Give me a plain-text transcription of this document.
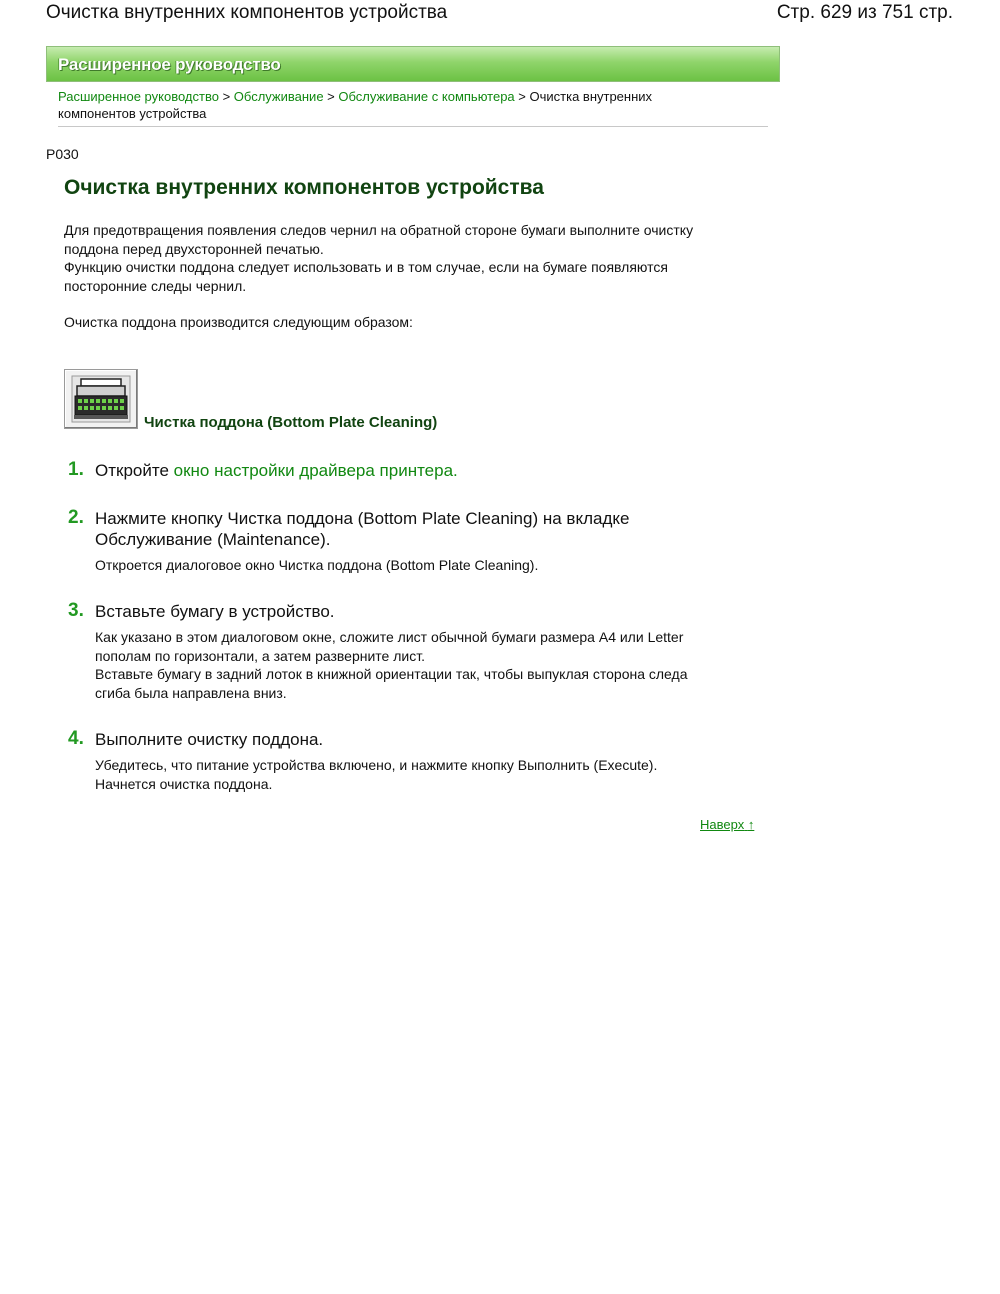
Очистка внутренних компонентов устройства	Стр. 629 из 751 стр.
Расширенное руководство
Расширенное руководство > Обслуживание > Обслуживание с компьютера > Очистка внутренних
компонентов устройства
P030
Очистка внутренних компонентов устройства

Для предотвращения появления следов чернил на обратной стороне бумаги выполните очистку

поддона перед двухсторонней печатью.

Функцию очистки поддона следует использовать и в том случае, если на бумаге появляются

посторонние следы чернил.

Очистка поддона производится следующим образом:

Чистка поддона (Bottom Plate Cleaning)
1. Откройте окно настройки драйвера принтера.
2. Нажмите кнопку Чистка поддона (Bottom Plate Cleaning) на вкладке
Обслуживание (Maintenance).
Откроется диалоговое окно Чистка поддона (Bottom Plate Cleaning).
3. Вставьте бумагу в устройство.
Как указано в этом диалоговом окне, сложите лист обычной бумаги размера A4 или Letter
пополам по горизонтали, а затем разверните лист.
Вставьте бумагу в задний лоток в книжной ориентации так, чтобы выпуклая сторона следа
сгиба была направлена вниз.
4. Выполните очистку поддона.
Убедитесь, что питание устройства включено, и нажмите кнопку Выполнить (Execute).
Начнется очистка поддона.
Наверх ↑
